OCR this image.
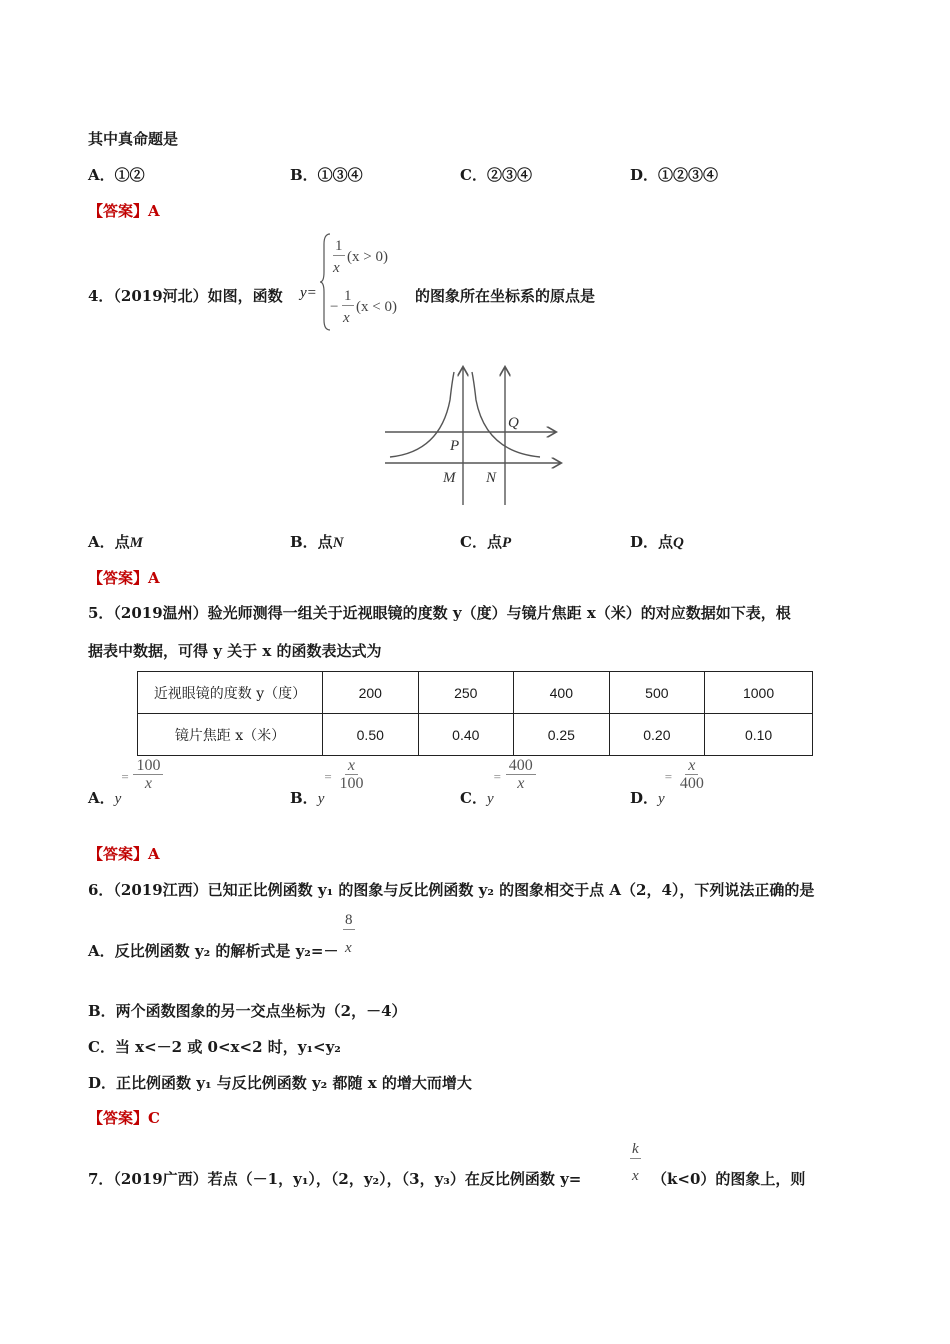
其中真命题是
A．①②	B．①③④	C．②③④	D．①②③④
【答案】A
4．（2019河北）如图，函数 y=
1
x
(x > 0)
−
1
x
(x < 0)
的图象所在坐标系的原点是
P
Q
M N
A．点M	B．点N	C．点P	D．点Q
【答案】A
5．（2019温州）验光师测得一组关于近视眼镜的度数 y（度）与镜片焦距 x（米）的对应数据如下表，根
据表中数据，可得 y 关于 x 的函数表达式为
近视眼镜的度数 y（度）	200	250	400	500	1000
镜片焦距 x（米）	0.50	0.40	0.25	0.20	0.10
A．$y= \frac{100}{x}$
B．$y= \frac{x}{100}$
C．$y= \frac{400}{x}$
D．$y= \frac{x}{400}$
【答案】A
6．（2019江西）已知正比例函数 y₁ 的图象与反比例函数 y₂ 的图象相交于点 A（2，4），下列说法正确的是
A．反比例函数 y₂ 的解析式是 y₂=－
8
x
B．两个函数图象的另一交点坐标为（2，－4）
C．当 x<－2 或 0<x<2 时，y₁<y₂
D．正比例函数 y₁ 与反比例函数 y₂ 都随 x 的增大而增大
【答案】C
7．（2019广西）若点（－1，y₁），（2，y₂），（3，y₃）在反比例函数 y=
k
x （k<0）的图象上，则
